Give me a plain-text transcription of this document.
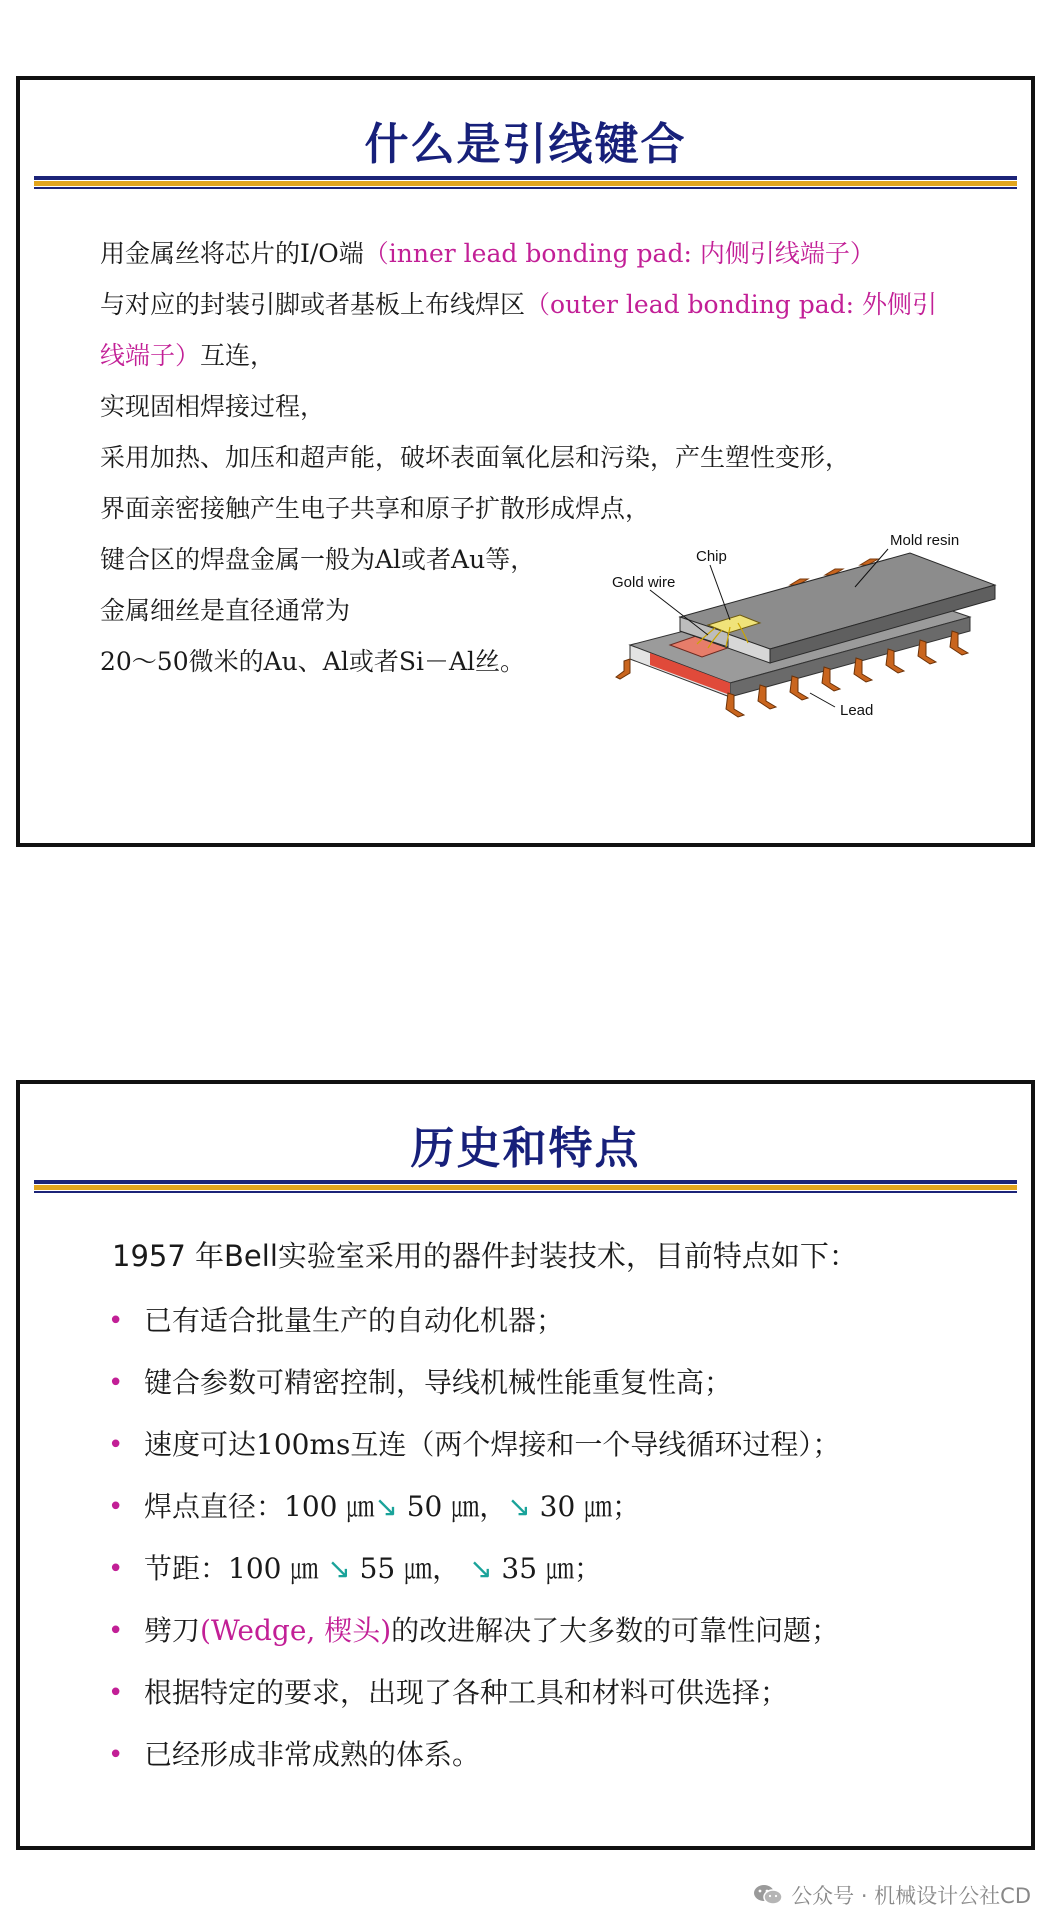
什么是引线键合
用金属丝将芯片的I/O端（inner lead bonding pad: 内侧引线端子）
与对应的封装引脚或者基板上布线焊区（outer lead bonding pad: 外侧引
线端子）互连，
实现固相焊接过程，
采用加热、加压和超声能，破坏表面氧化层和污染，产生塑性变形，
界面亲密接触产生电子共享和原子扩散形成焊点，
键合区的焊盘金属一般为Al或者Au等，
金属细丝是直径通常为
20～50微米的Au、Al或者Si－Al丝。
Mold resin
Chip
Gold wire
Lead
历史和特点
1957 年Bell实验室采用的器件封装技术，目前特点如下：
• 已有适合批量生产的自动化机器；
• 键合参数可精密控制，导线机械性能重复性高；
• 速度可达100ms互连（两个焊接和一个导线循环过程）；
• 焊点直径：100 ㎛↘ 50 ㎛，↘ 30 ㎛；
• 节距：100 ㎛ ↘ 55 ㎛， ↘ 35 ㎛；
• 劈刀(Wedge, 楔头)的改进解决了大多数的可靠性问题；
• 根据特定的要求，出现了各种工具和材料可供选择；
• 已经形成非常成熟的体系。
公众号 · 机械设计公社CD
